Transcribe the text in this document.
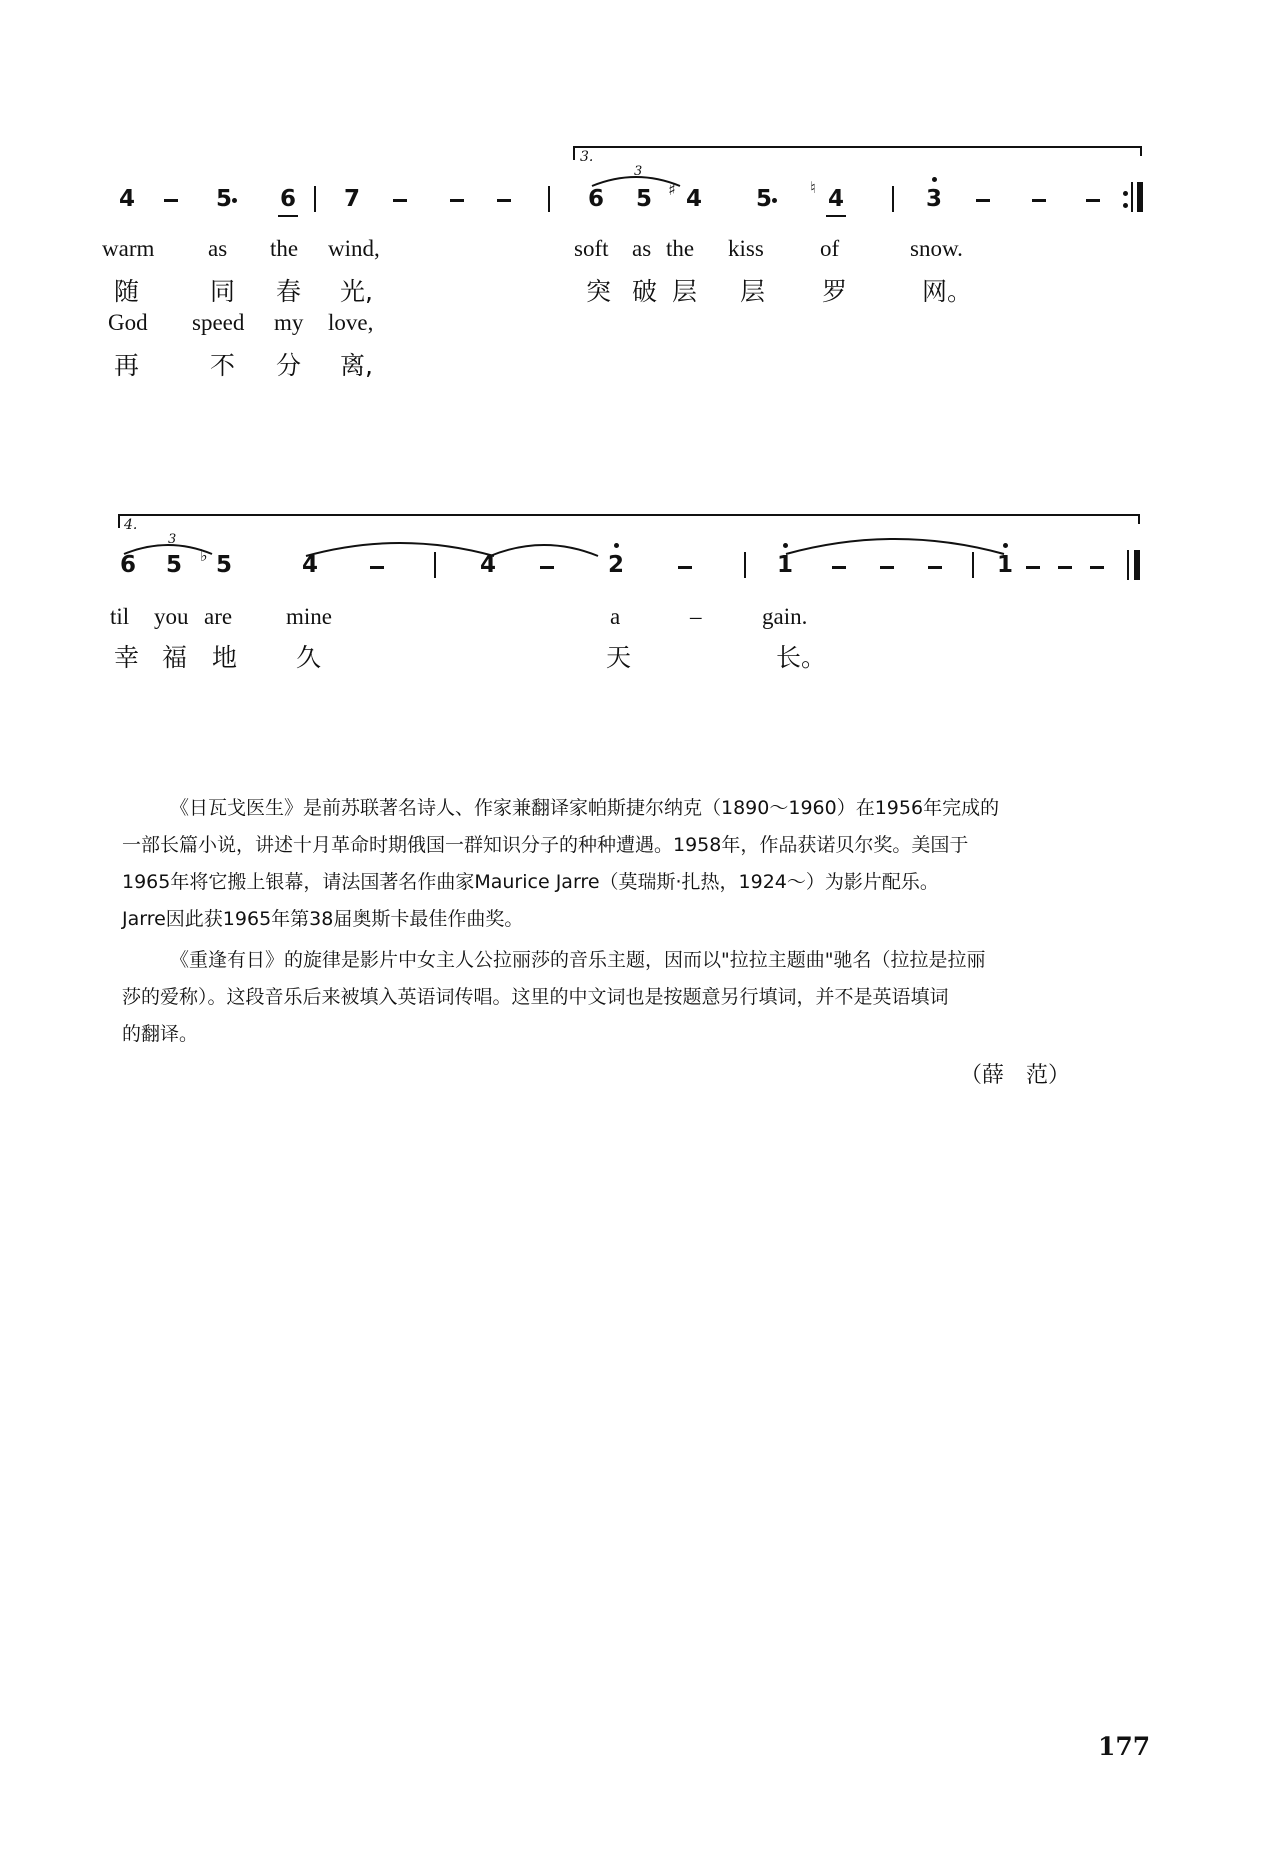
3.
4	5	6	7
3
6	5	♯ 4	5	♮ 4	3
warm as the wind,	soft as the kiss of	snow.
随	同 春 光,	突 破 层 层 罗	网。
God speed my love,
再	不 分 离,
4.
3
6	5	♭ 5	4	4	2	1	1
til you are mine	a	–	gain.
幸 福 地 久	天	长。
《日瓦戈医生》是前苏联著名诗人、作家兼翻译家帕斯捷尔纳克（1890～1960）在1956年完成的
一部长篇小说，讲述十月革命时期俄国一群知识分子的种种遭遇。1958年，作品获诺贝尔奖。美国于
1965年将它搬上银幕，请法国著名作曲家Maurice Jarre（莫瑞斯·扎热，1924～）为影片配乐。
Jarre因此获1965年第38届奥斯卡最佳作曲奖。
《重逢有日》的旋律是影片中女主人公拉丽莎的音乐主题，因而以"拉拉主题曲"驰名（拉拉是拉丽
莎的爱称）。这段音乐后来被填入英语词传唱。这里的中文词也是按题意另行填词，并不是英语填词
的翻译。
（薛　范）
177
